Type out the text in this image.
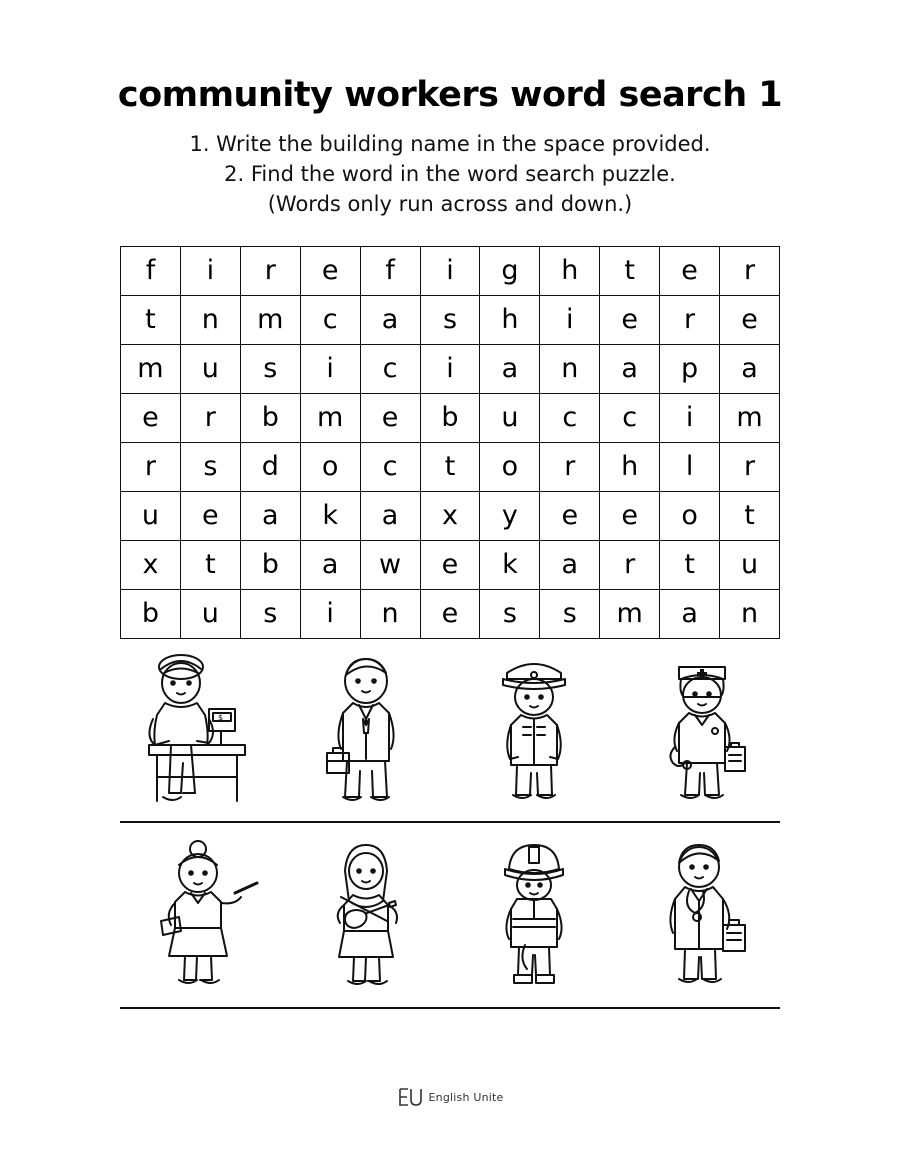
community workers word search 1
1. Write the building name in the space provided.
2. Find the word in the word search puzzle.
(Words only run across and down.)
f	i	r	e	f	i	g	h	t	e	r
t	n	m	c	a	s	h	i	e	r	e
m	u	s	i	c	i	a	n	a	p	a
e	r	b	m	e	b	u	c	c	i	m
r	s	d	o	c	t	o	r	h	l	r
u	e	a	k	a	x	y	e	e	o	t
x	t	b	a	w	e	k	a	r	t	u
b	u	s	i	n	e	s	s	m	a	n
$
English Unite
